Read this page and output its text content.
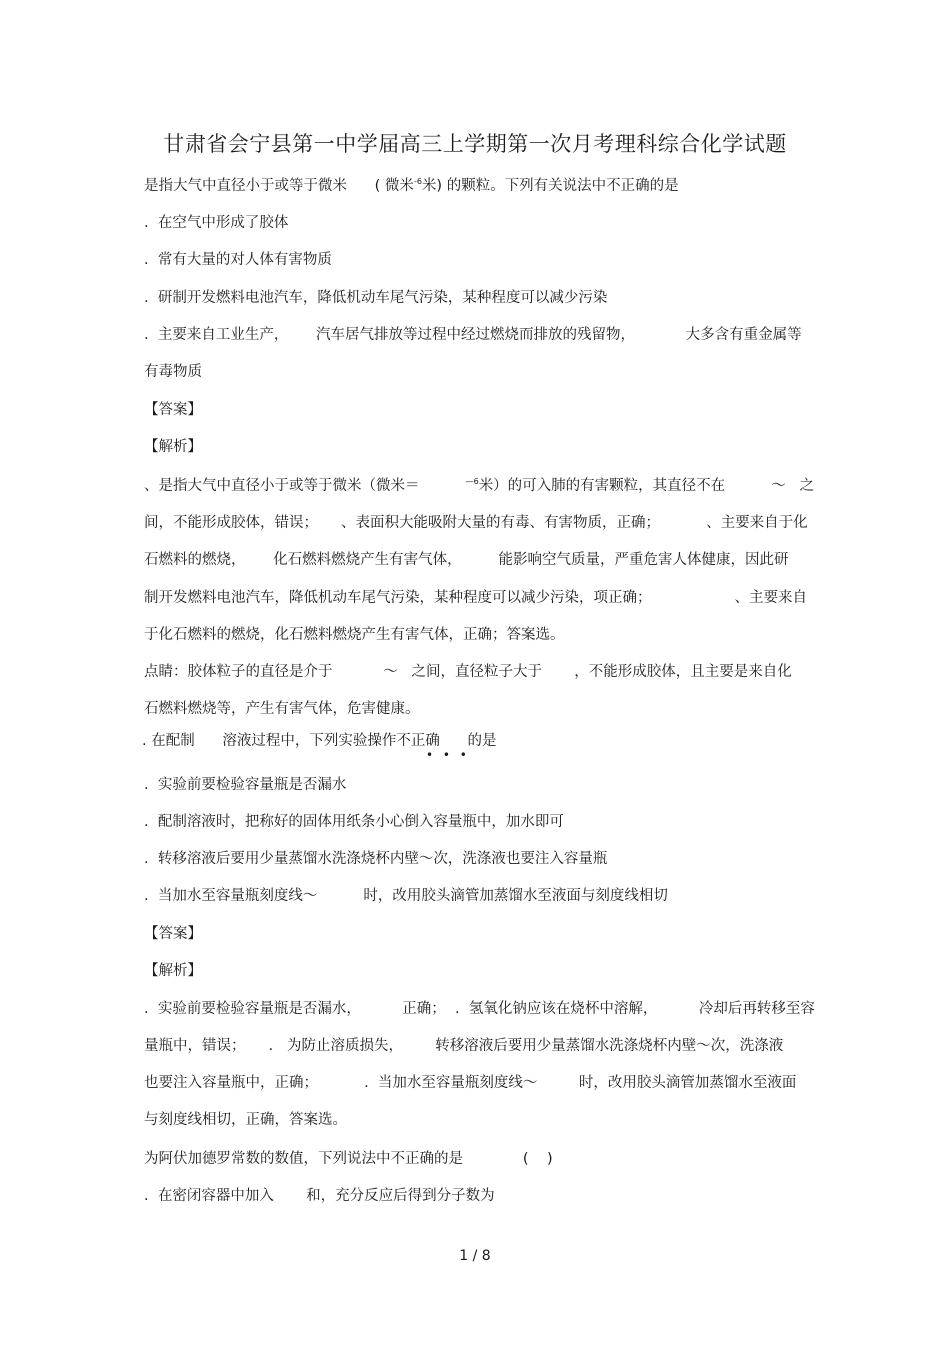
甘肃省会宁县第一中学届高三上学期第一次月考理科综合化学试题
是指大气中直径小于或等于微米 ( 微米$^{-6}$米) 的颗粒。下列有关说法中不正确的是
.  在空气中形成了胶体
.  常有大量的对人体有害物质
.  研制开发燃料电池汽车，降低机动车尾气污染，某种程度可以减少污染
.  主要来自工业生产，      汽车居气排放等过程中经过燃烧而排放的残留物，           大多含有重金属等
有毒物质
【答案】
【解析】
、是指大气中直径小于或等于微米（微米＝	$^{—6}$米）的可入肺的有害颗粒，其直径不在          ～   之
间，不能形成胶体，错误；     、表面积大能吸附大量的有毒、有害物质，正确；          、主要来自于化
石燃料的燃烧，      化石燃料燃烧产生有害气体，        能影响空气质量，严重危害人体健康，因此研
制开发燃料电池汽车，降低机动车尾气污染，某种程度可以减少污染，项正确；                  、主要来自
于化石燃料的燃烧，化石燃料燃烧产生有害气体，正确；答案选。
点睛：胶体粒子的直径是介于           ～   之间，直径粒子大于       ，不能形成胶体，且主要是来自化
石燃料燃烧等，产生有害气体，危害健康。
. 在配制      溶液过程中，下列实验操作不正确 的是
• • •
.  实验前要检验容量瓶是否漏水
.  配制溶液时，把称好的固体用纸条小心倒入容量瓶中，加水即可
.  转移溶液后要用少量蒸馏水洗涤烧杯内壁～次，洗涤液也要注入容量瓶
.  当加水至容量瓶刻度线～          时，改用胶头滴管加蒸馏水至液面与刻度线相切
【答案】
【解析】
.  实验前要检验容量瓶是否漏水，         正确；  .  氢氧化钠应该在烧杯中溶解，         冷却后再转移至容
量瓶中，错误；     .   为防止溶质损失，       转移溶液后要用少量蒸馏水洗涤烧杯内壁～次，洗涤液
也要注入容量瓶中，正确；          .  当加水至容量瓶刻度线～         时，改用胶头滴管加蒸馏水至液面
与刻度线相切，正确，答案选。
为阿伏加德罗常数的数值，下列说法中不正确的是             (    )
.  在密闭容器中加入       和，充分反应后得到分子数为
1 / 8
